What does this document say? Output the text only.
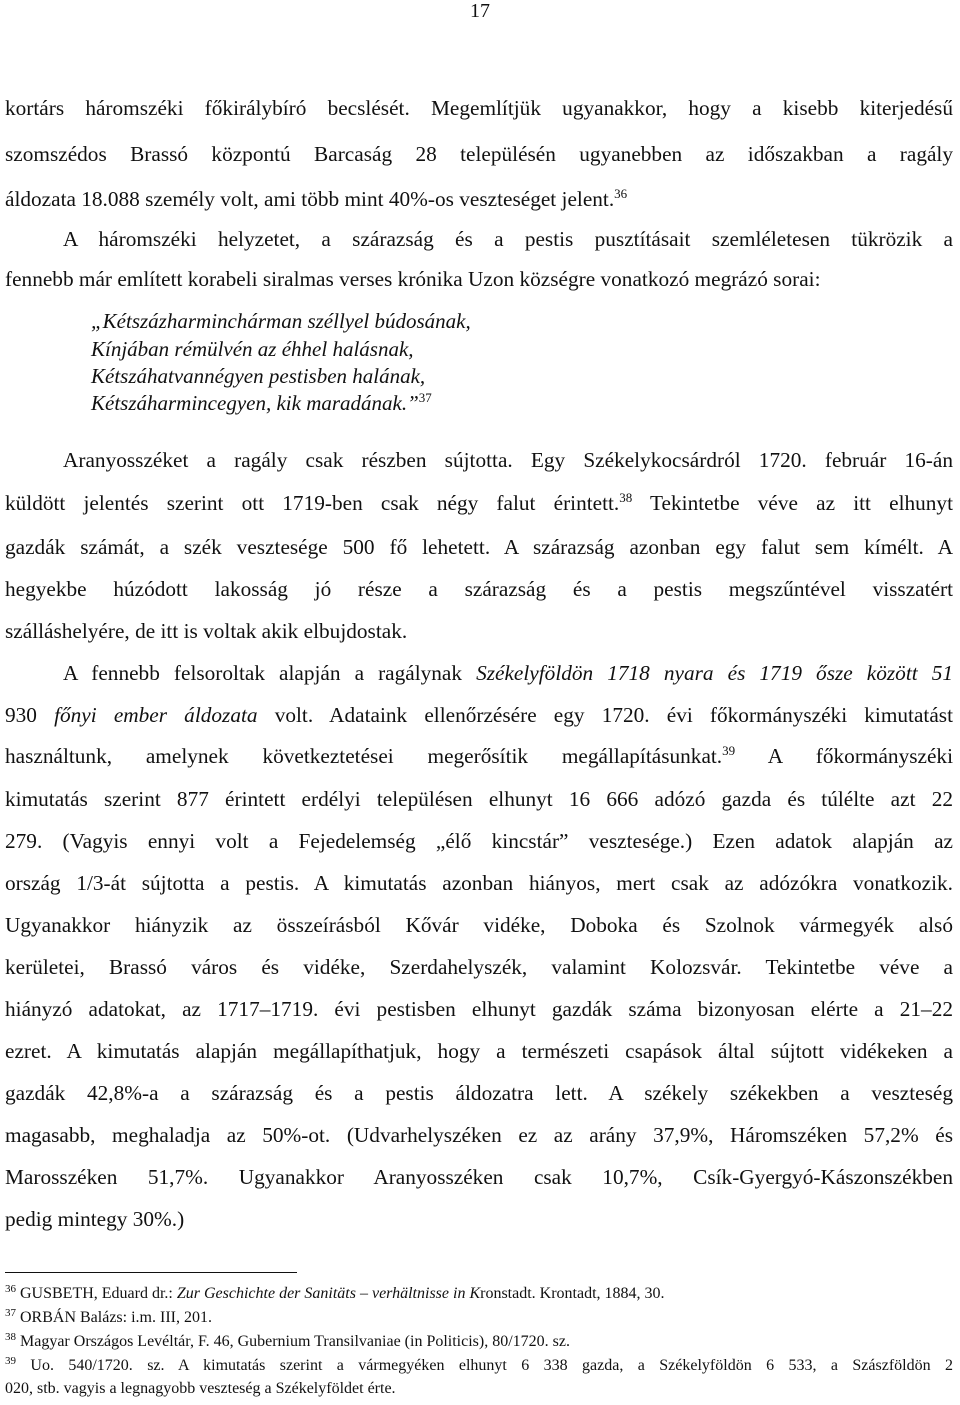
17
kortárs háromszéki főkirálybíró becslését. Megemlítjük ugyanakkor, hogy a kisebb kiterjedésű
szomszédos Brassó központú Barcaság 28 településén ugyanebben az időszakban a ragály
áldozata 18.088 személy volt, ami több mint 40%-os veszteséget jelent.$^{36}$
A háromszéki helyzetet, a szárazság és a pestis pusztításait szemléletesen tükrözik a
fennebb már említett korabeli siralmas verses krónika Uzon községre vonatkozó megrázó sorai:
„Kétszázharminchárman széllyel búdosának,
Kínjában rémülvén az éhhel halásnak,
Kétszáhatvannégyen pestisben halának,
Kétszáharmincegyen, kik maradának.”$^{37}$
Aranyosszéket a ragály csak részben sújtotta. Egy Székelykocsárdról 1720. február 16-án
küldött jelentés szerint ott 1719-ben csak négy falut érintett.$^{38}$ Tekintetbe véve az itt elhunyt
gazdák számát, a szék vesztesége 500 fő lehetett. A szárazság azonban egy falut sem kímélt. A
hegyekbe húzódott lakosság jó része a szárazság és a pestis megszűntével visszatért
szálláshelyére, de itt is voltak akik elbujdostak.
A fennebb felsoroltak alapján a ragálynak Székelyföldön 1718 nyara és 1719 ősze között 51
930 főnyi ember áldozata volt. Adataink ellenőrzésére egy 1720. évi főkormányszéki kimutatást
használtunk, amelynek következtetései megerősítik megállapításunkat.$^{39}$ A főkormányszéki
kimutatás szerint 877 érintett erdélyi településen elhunyt 16 666 adózó gazda és túlélte azt 22
279. (Vagyis ennyi volt a Fejedelemség „élő kincstár” vesztesége.) Ezen adatok alapján az
ország 1/3-át sújtotta a pestis. A kimutatás azonban hiányos, mert csak az adózókra vonatkozik.
Ugyanakkor hiányzik az összeírásból Kővár vidéke, Doboka és Szolnok vármegyék alsó
kerületei, Brassó város és vidéke, Szerdahelyszék, valamint Kolozsvár. Tekintetbe véve a
hiányzó adatokat, az 1717–1719. évi pestisben elhunyt gazdák száma bizonyosan elérte a 21–22
ezret. A kimutatás alapján megállapíthatjuk, hogy a természeti csapások által sújtott vidékeken a
gazdák 42,8%-a a szárazság és a pestis áldozatra lett. A székely székekben a veszteség
magasabb, meghaladja az 50%-ot. (Udvarhelyszéken ez az arány 37,9%, Háromszéken 57,2% és
Marosszéken 51,7%. Ugyanakkor Aranyosszéken csak 10,7%, Csík-Gyergyó-Kászonszékben
pedig mintegy 30%.)
$^{36}$ GUSBETH, Eduard dr.: Zur Geschichte der Sanitäts – verhältnisse in Kronstadt. Krontadt, 1884, 30.
$^{37}$ ORBÁN Balázs: i.m. III, 201.
$^{38}$ Magyar Országos Levéltár, F. 46, Gubernium Transilvaniae (in Politicis), 80/1720. sz.
$^{39}$ Uo. 540/1720. sz. A kimutatás szerint a vármegyéken elhunyt 6 338 gazda, a Székelyföldön 6 533, a Szászföldön 2
020, stb. vagyis a legnagyobb veszteség a Székelyföldet érte.
